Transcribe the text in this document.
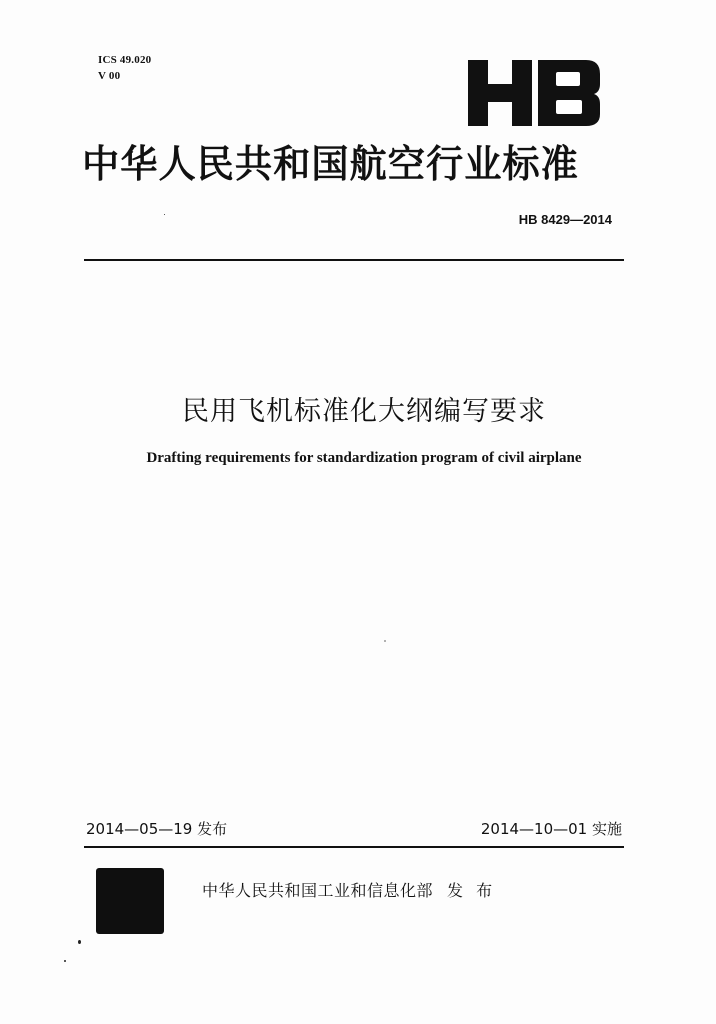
ICS 49.020
V 00
中华人民共和国航空行业标准
HB 8429—2014
民用飞机标准化大纲编写要求
Drafting requirements for standardization program of civil airplane
2014—05—19 发布	2014—10—01 实施
中华人民共和国工业和信息化部 发 布
